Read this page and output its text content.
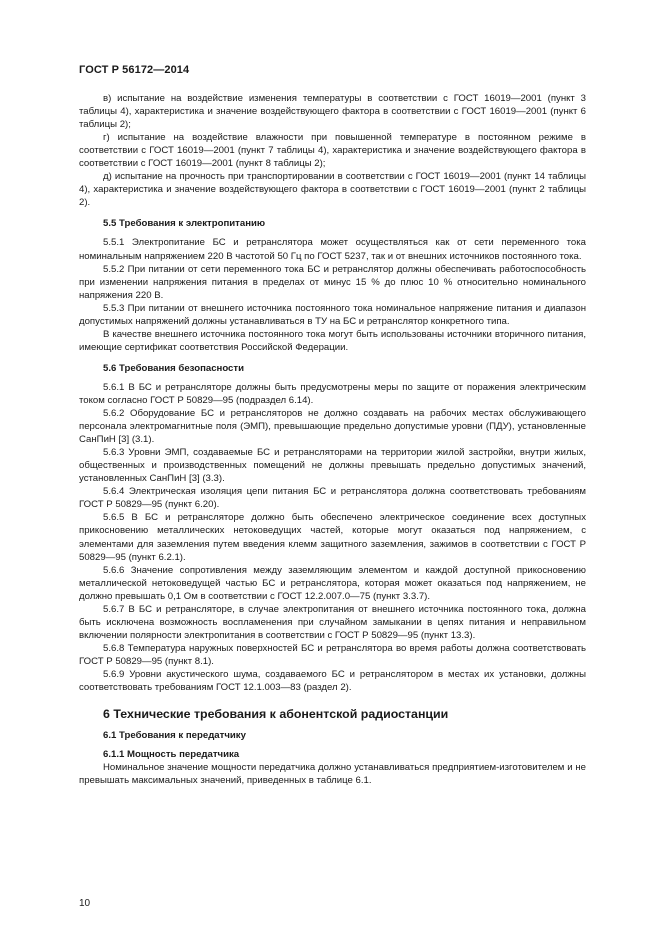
ГОСТ Р 56172—2014

в) испытание на воздействие изменения температуры в соответствии с ГОСТ 16019—2001 (пункт 3 таблицы 4), характеристика и значение воздействующего фактора в соответствии с ГОСТ 16019—2001 (пункт 6 таблицы 2);

г) испытание на воздействие влажности при повышенной температуре в постоянном режиме в соответствии с ГОСТ 16019—2001 (пункт 7 таблицы 4), характеристика и значение воздействующего фактора в соответствии с ГОСТ 16019—2001 (пункт 8 таблицы 2);

д) испытание на прочность при транспортировании в соответствии с ГОСТ 16019—2001 (пункт 14 таблицы 4), характеристика и значение воздействующего фактора в соответствии с ГОСТ 16019—2001 (пункт 2 таблицы 2).

5.5 Требования к электропитанию

5.5.1 Электропитание БС и ретранслятора может осуществляться как от сети переменного тока номинальным напряжением 220 В частотой 50 Гц по ГОСТ 5237, так и от внешних источников постоянного тока.

5.5.2 При питании от сети переменного тока БС и ретранслятор должны обеспечивать работоспособность при изменении напряжения питания в пределах от минус 15 % до плюс 10 % относительно номинального напряжения 220 В.

5.5.3 При питании от внешнего источника постоянного тока номинальное напряжение питания и диапазон допустимых напряжений должны устанавливаться в ТУ на БС и ретранслятор конкретного типа.

В качестве внешнего источника постоянного тока могут быть использованы источники вторичного питания, имеющие сертификат соответствия Российской Федерации.

5.6 Требования безопасности

5.6.1 В БС и ретрансляторе должны быть предусмотрены меры по защите от поражения электрическим током согласно ГОСТ Р 50829—95 (подраздел 6.14).

5.6.2 Оборудование БС и ретрансляторов не должно создавать на рабочих местах обслуживающего персонала электромагнитные поля (ЭМП), превышающие предельно допустимые уровни (ПДУ), установленные СанПиН [3] (3.1).

5.6.3 Уровни ЭМП, создаваемые БС и ретрансляторами на территории жилой застройки, внутри жилых, общественных и производственных помещений не должны превышать предельно допустимых значений, установленных СанПиН [3] (3.3).

5.6.4 Электрическая изоляция цепи питания БС и ретранслятора должна соответствовать требованиям ГОСТ Р 50829—95 (пункт 6.20).

5.6.5 В БС и ретрансляторе должно быть обеспечено электрическое соединение всех доступных прикосновению металлических нетоковедущих частей, которые могут оказаться под напряжением, с элементами для заземления путем введения клемм защитного заземления, зажимов в соответствии с ГОСТ Р 50829—95 (пункт 6.2.1).

5.6.6 Значение сопротивления между заземляющим элементом и каждой доступной прикосновению металлической нетоковедущей частью БС и ретранслятора, которая может оказаться под напряжением, не должно превышать 0,1 Ом в соответствии с ГОСТ 12.2.007.0—75 (пункт 3.3.7).

5.6.7 В БС и ретрансляторе, в случае электропитания от внешнего источника постоянного тока, должна быть исключена возможность воспламенения при случайном замыкании в цепях питания и неправильном включении полярности электропитания в соответствии с ГОСТ Р 50829—95 (пункт 13.3).

5.6.8 Температура наружных поверхностей БС и ретранслятора во время работы должна соответствовать ГОСТ Р 50829—95 (пункт 8.1).

5.6.9 Уровни акустического шума, создаваемого БС и ретранслятором в местах их установки, должны соответствовать требованиям ГОСТ 12.1.003—83 (раздел 2).

6 Технические требования к абонентской радиостанции

6.1 Требования к передатчику

6.1.1 Мощность передатчика

Номинальное значение мощности передатчика должно устанавливаться предприятием-изготовителем и не превышать максимальных значений, приведенных в таблице 6.1.

10
